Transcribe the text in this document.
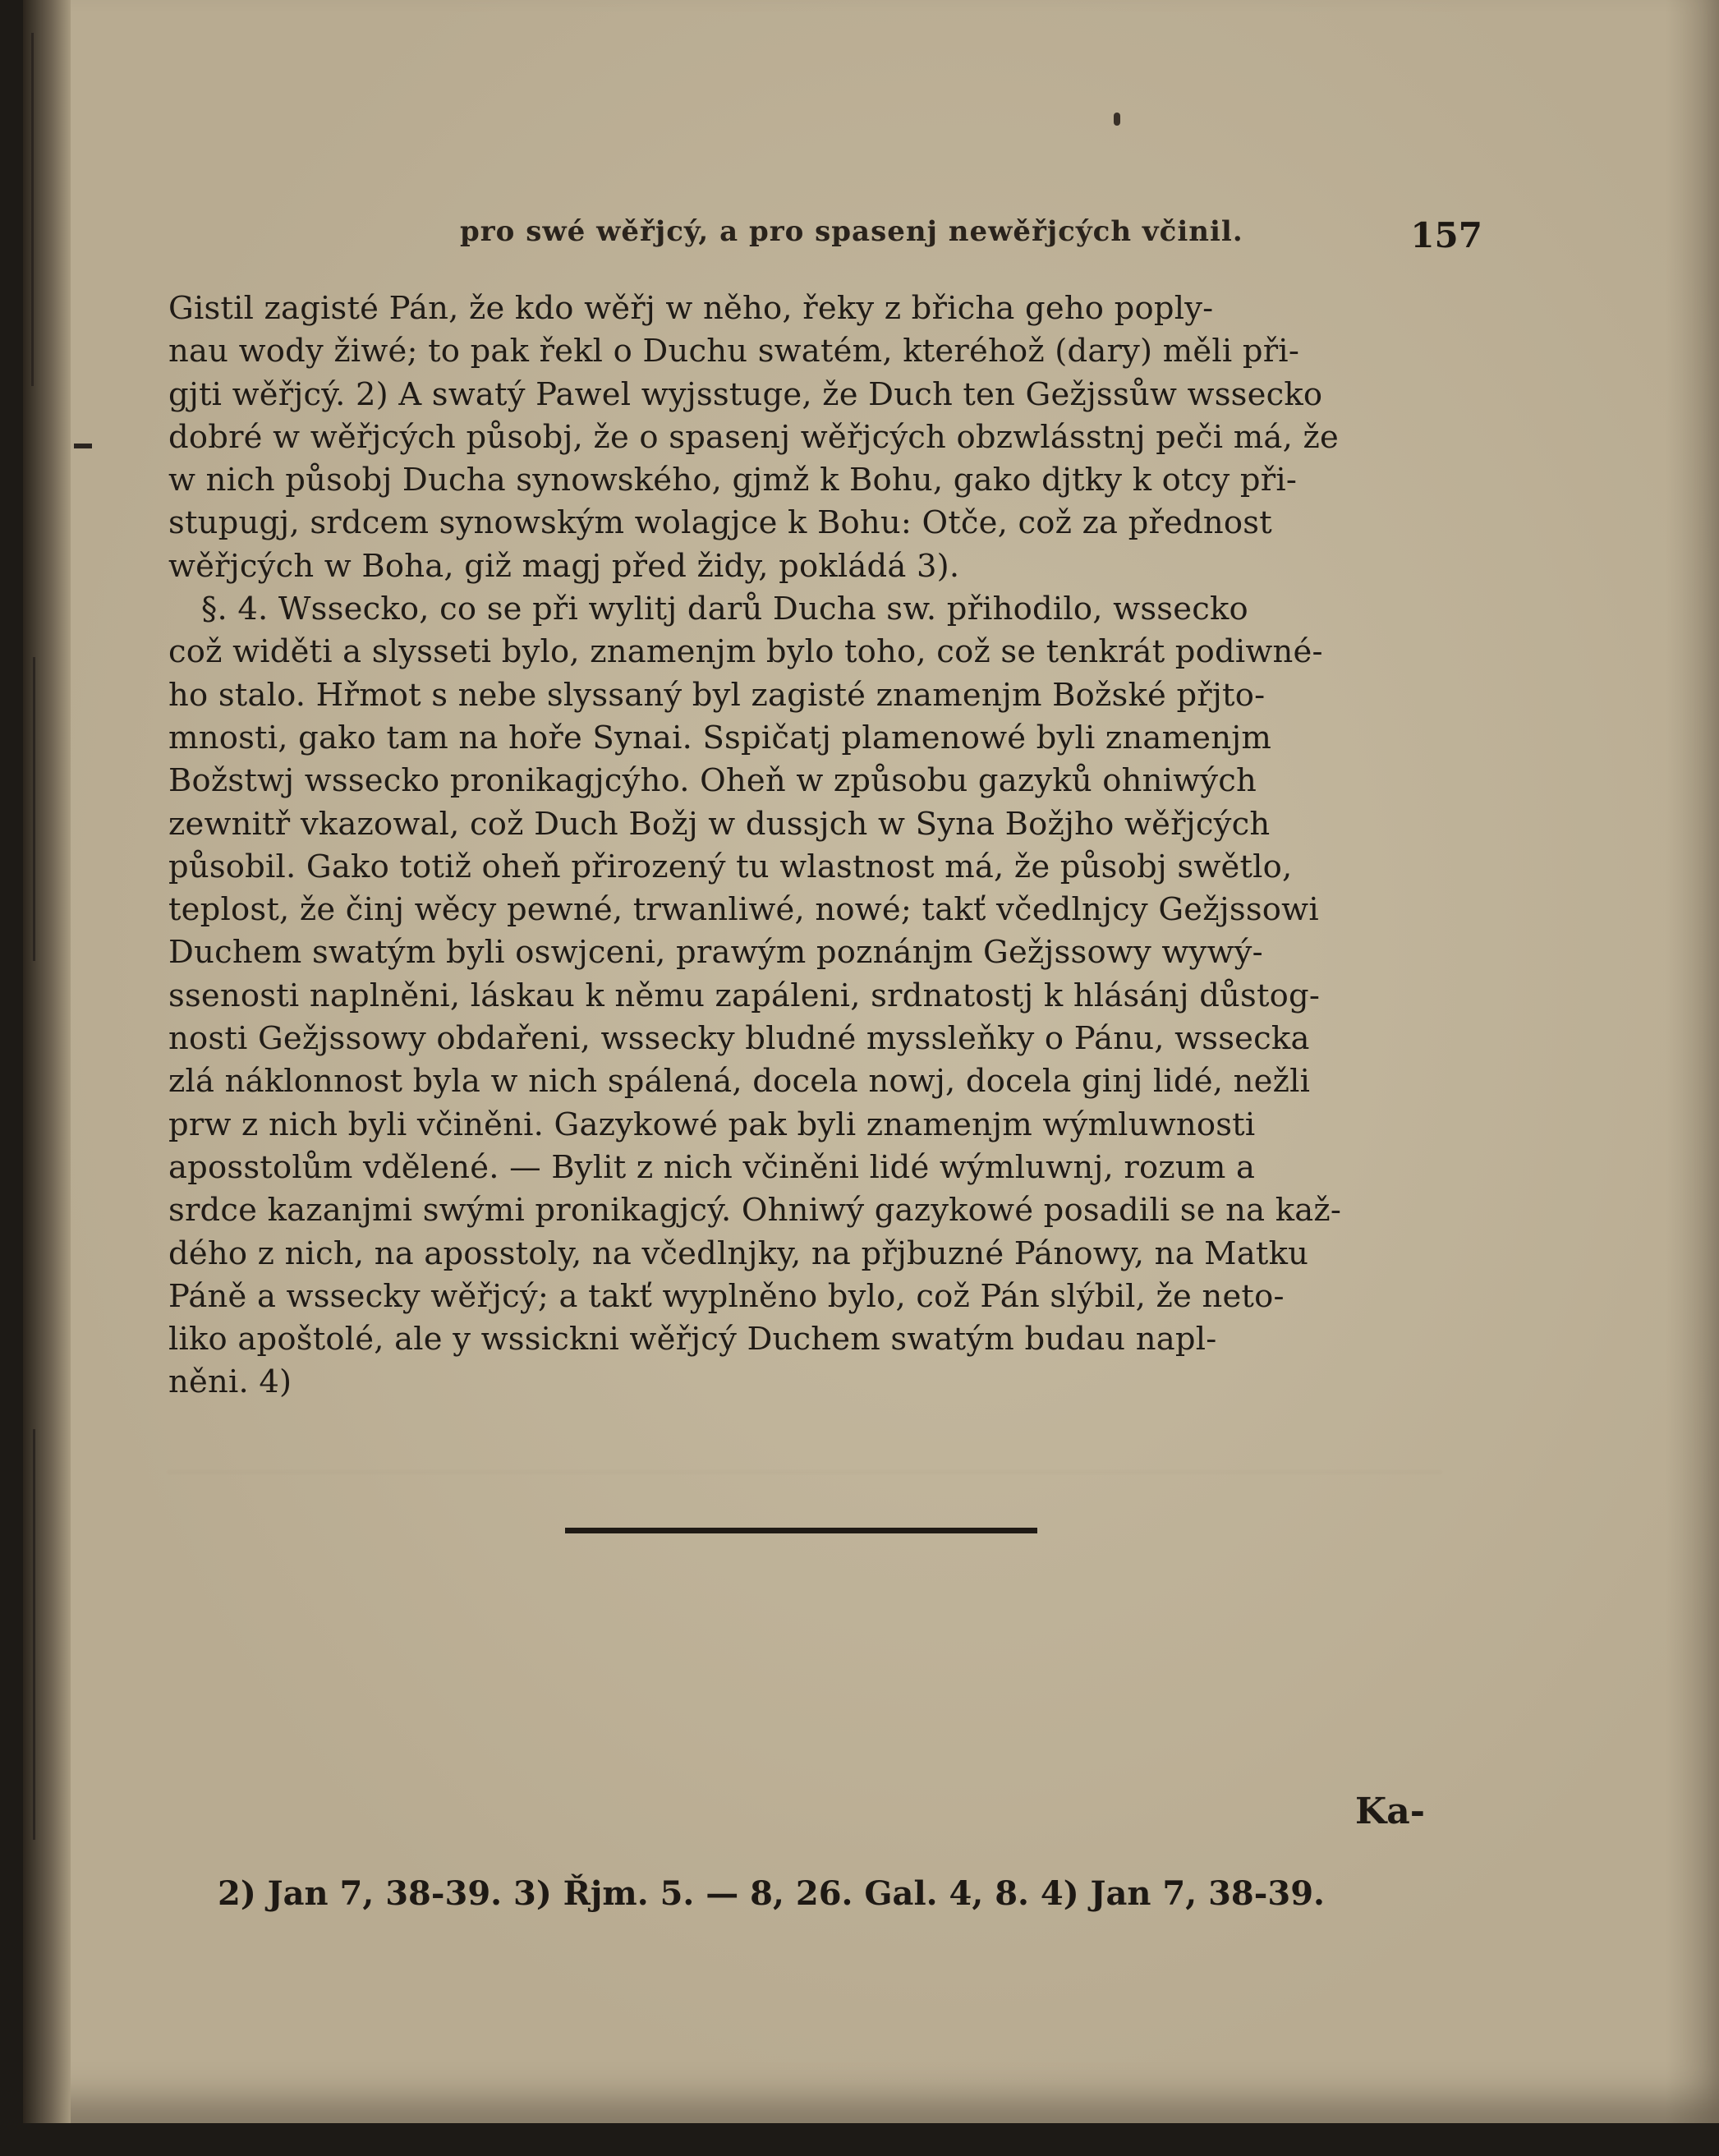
pro swé wěřjcý, a pro spasenj newěřjcých včinil.	157
Gistil zagisté Pán, že kdo wěřj w něho, řeky z břicha geho poply-
nau wody žiwé; to pak řekl o Duchu swatém, kteréhož (dary) měli při-
gjti wěřjcý. 2) A swatý Pawel wyjsstuge, že Duch ten Gežjssůw wssecko
dobré w wěřjcých působj, že o spasenj wěřjcých obzwlásstnj peči má, že
w nich působj Ducha synowského, gjmž k Bohu, gako djtky k otcy při-
stupugj, srdcem synowským wolagjce k Bohu: Otče, což za přednost
wěřjcých w Boha, giž magj před židy, pokládá 3).
§. 4. Wssecko, co se při wylitj darů Ducha sw. přihodilo, wssecko
což widěti a slysseti bylo, znamenjm bylo toho, což se tenkrát podiwné-
ho stalo. Hřmot s nebe slyssaný byl zagisté znamenjm Božské přjto-
mnosti, gako tam na hoře Synai. Sspičatj plamenowé byli znamenjm
Božstwj wssecko pronikagjcýho. Oheň w způsobu gazyků ohniwých
zewnitř vkazowal, což Duch Božj w dussjch w Syna Božjho wěřjcých
působil. Gako totiž oheň přirozený tu wlastnost má, že působj swětlo,
teplost, že činj wěcy pewné, trwanliwé, nowé; takť včedlnjcy Gežjssowi
Duchem swatým byli oswjceni, prawým poznánjm Gežjssowy wywý-
ssenosti naplněni, láskau k němu zapáleni, srdnatostj k hlásánj důstog-
nosti Gežjssowy obdařeni, wssecky bludné myssleňky o Pánu, wssecka
zlá náklonnost byla w nich spálená, docela nowj, docela ginj lidé, nežli
prw z nich byli včiněni. Gazykowé pak byli znamenjm wýmluwnosti
aposstolům vdělené. — Bylit z nich včiněni lidé wýmluwnj, rozum a
srdce kazanjmi swými pronikagjcý. Ohniwý gazykowé posadili se na kaž-
dého z nich, na aposstoly, na včedlnjky, na přjbuzné Pánowy, na Matku
Páně a wssecky wěřjcý; a takť wyplněno bylo, což Pán slýbil, že neto-
liko apoštolé, ale y wssickni wěřjcý Duchem swatým budau napl-
něni. 4)
Ka-
2) Jan 7, 38-39. 3) Řjm. 5. — 8, 26. Gal. 4, 8. 4) Jan 7, 38-39.
